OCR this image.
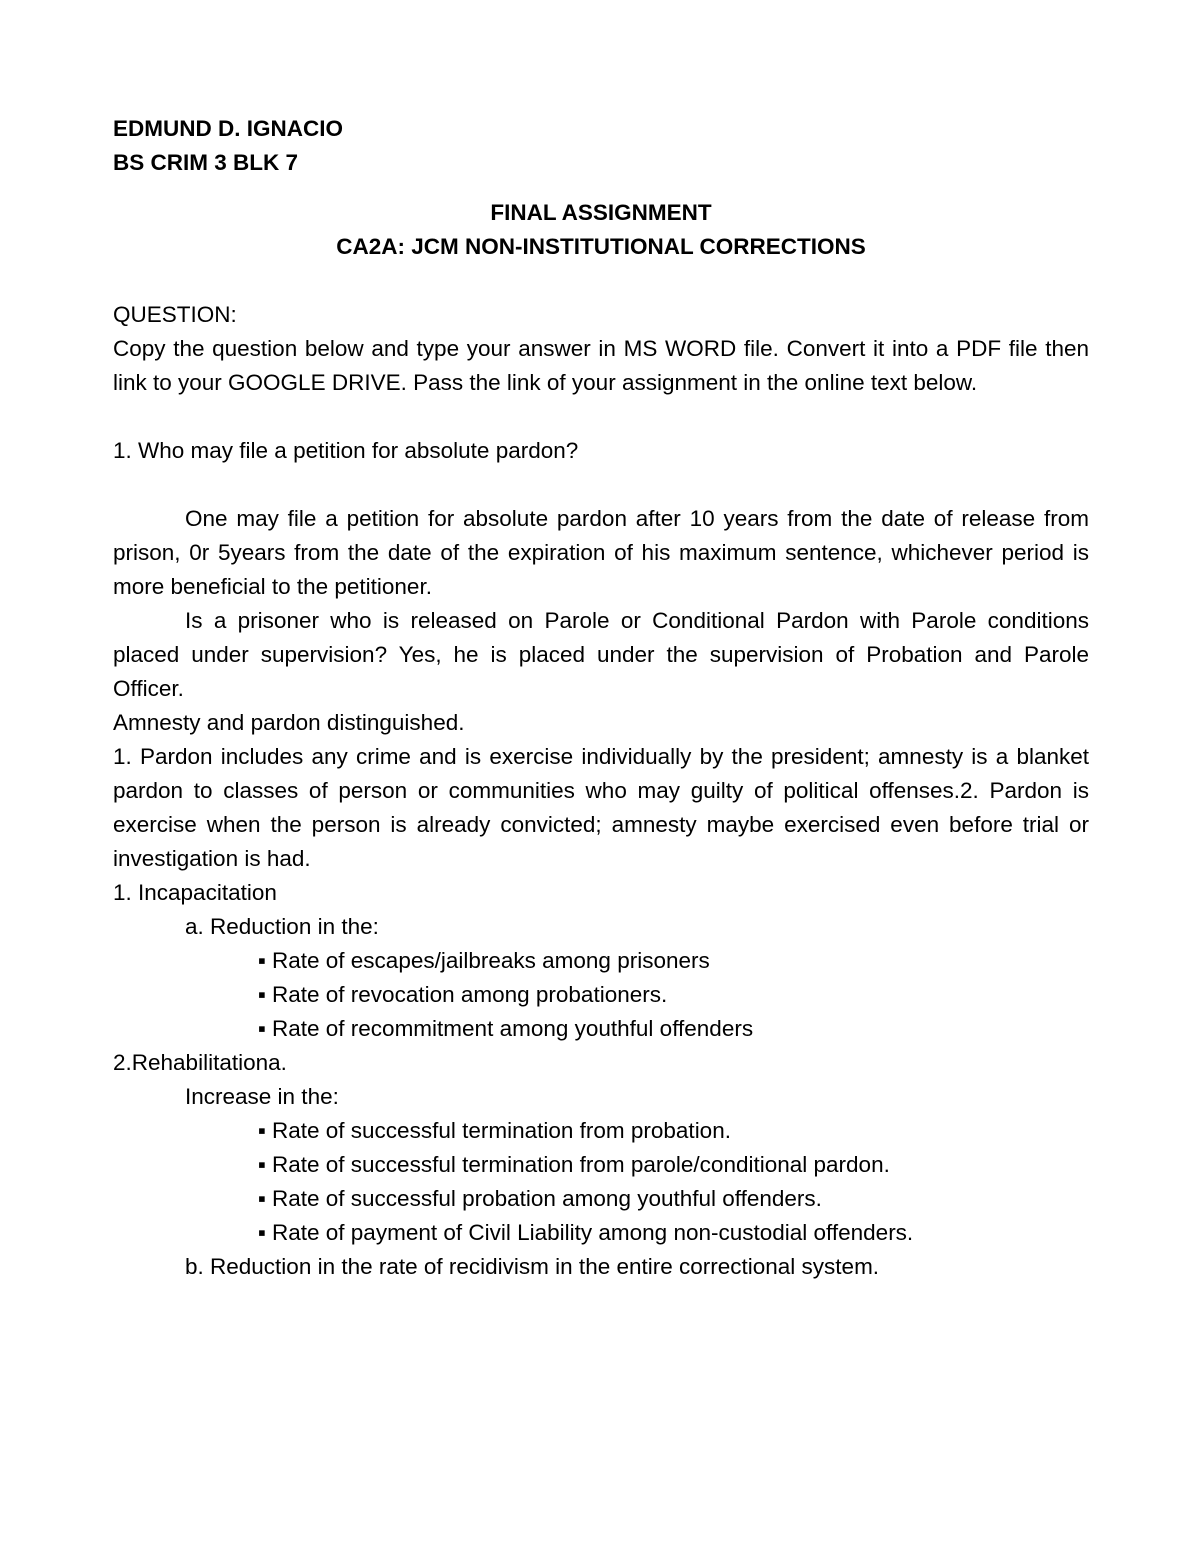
EDMUND D. IGNACIO
BS CRIM 3 BLK 7
FINAL ASSIGNMENT
CA2A: JCM NON-INSTITUTIONAL CORRECTIONS
QUESTION:
Copy the question below and type your answer in MS WORD file. Convert it into a PDF file then link to your GOOGLE DRIVE. Pass the link of your assignment in the online text below.
1. Who may file a petition for absolute pardon?
One may file a petition for absolute pardon after 10 years from the date of release from prison, 0r 5years from the date of the expiration of his maximum sentence, whichever period is more beneficial to the petitioner.
Is a prisoner who is released on Parole or Conditional Pardon with Parole conditions placed under supervision? Yes, he is placed under the supervision of Probation and Parole Officer.
Amnesty and pardon distinguished.
1. Pardon includes any crime and is exercise individually by the president; amnesty is a blanket pardon to classes of person or communities who may guilty of political offenses.2. Pardon is exercise when the person is already convicted; amnesty maybe exercised even before trial or investigation is had.
1. Incapacitation
a. Reduction in the:
▪ Rate of escapes/jailbreaks among prisoners
▪ Rate of revocation among probationers.
▪ Rate of recommitment among youthful offenders
2.Rehabilitationa.
Increase in the:
▪ Rate of successful termination from probation.
▪ Rate of successful termination from parole/conditional pardon.
▪ Rate of successful probation among youthful offenders.
▪ Rate of payment of Civil Liability among non-custodial offenders.
b. Reduction in the rate of recidivism in the entire correctional system.
